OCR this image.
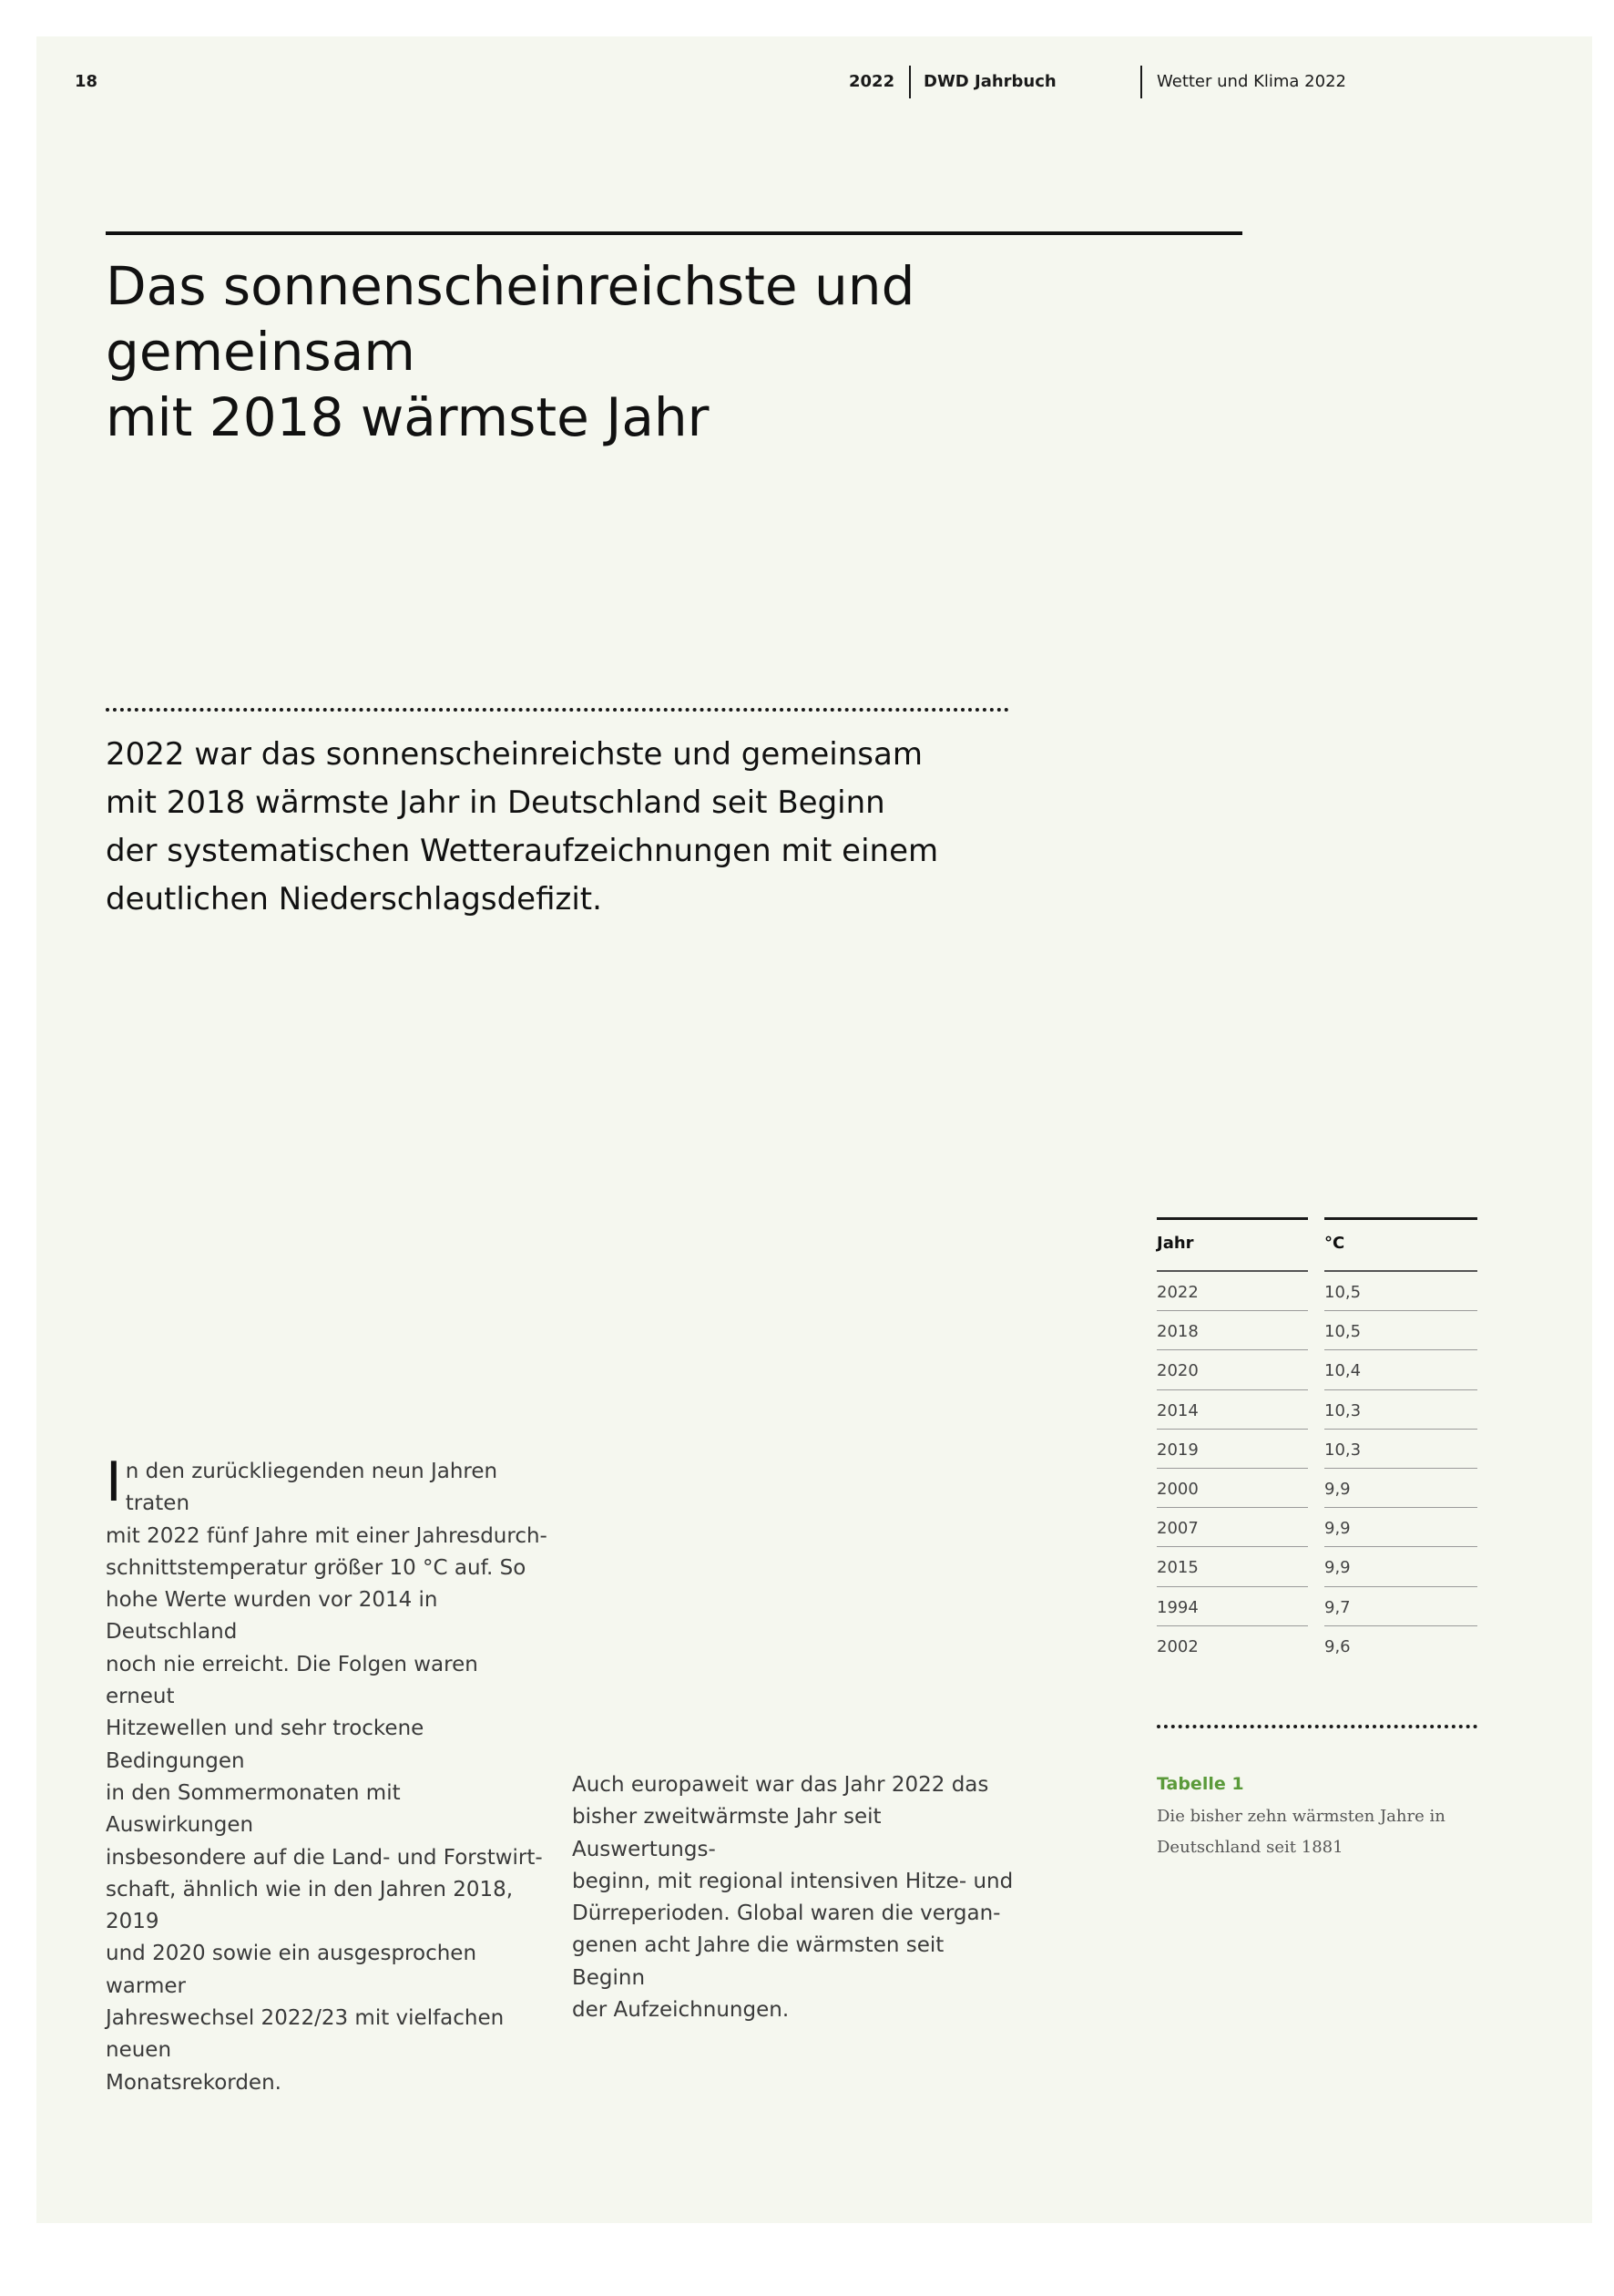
18	2022 DWD Jahrbuch	Wetter und Klima 2022
Das sonnenscheinreichste und gemeinsam
mit 2018 wärmste Jahr

2022 war das sonnenscheinreichste und gemeinsam
mit 2018 wärmste Jahr in Deutschland seit Beginn
der systematischen Wetteraufzeichnungen mit einem
deutlichen Niederschlagsdefizit.

I n den zurückliegenden neun Jahren traten
mit 2022 fünf Jahre mit einer Jahresdurch-
schnittstemperatur größer 10 °C auf. So
hohe Werte wurden vor 2014 in Deutschland
noch nie erreicht. Die Folgen waren erneut
Hitzewellen und sehr trockene Bedingungen
in den Sommermonaten mit Auswirkungen
insbesondere auf die Land- und Forstwirt-
schaft, ähnlich wie in den Jahren 2018, 2019
und 2020 sowie ein ausgesprochen warmer
Jahreswechsel 2022/23 mit vielfachen neuen
Monatsrekorden.

Auch europaweit war das Jahr 2022 das
bisher zweitwärmste Jahr seit Auswertungs-
beginn, mit regional intensiven Hitze- und
Dürreperioden. Global waren die vergan-
genen acht Jahre die wärmsten seit Beginn
der Aufzeichnungen.

Jahr	°C
2022	10,5
2018	10,5
2020	10,4
2014	10,3
2019	10,3
2000	9,9
2007	9,9
2015	9,9
1994	9,7
2002	9,6
Tabelle 1

Die bisher zehn wärmsten Jahre in
Deutschland seit 1881
